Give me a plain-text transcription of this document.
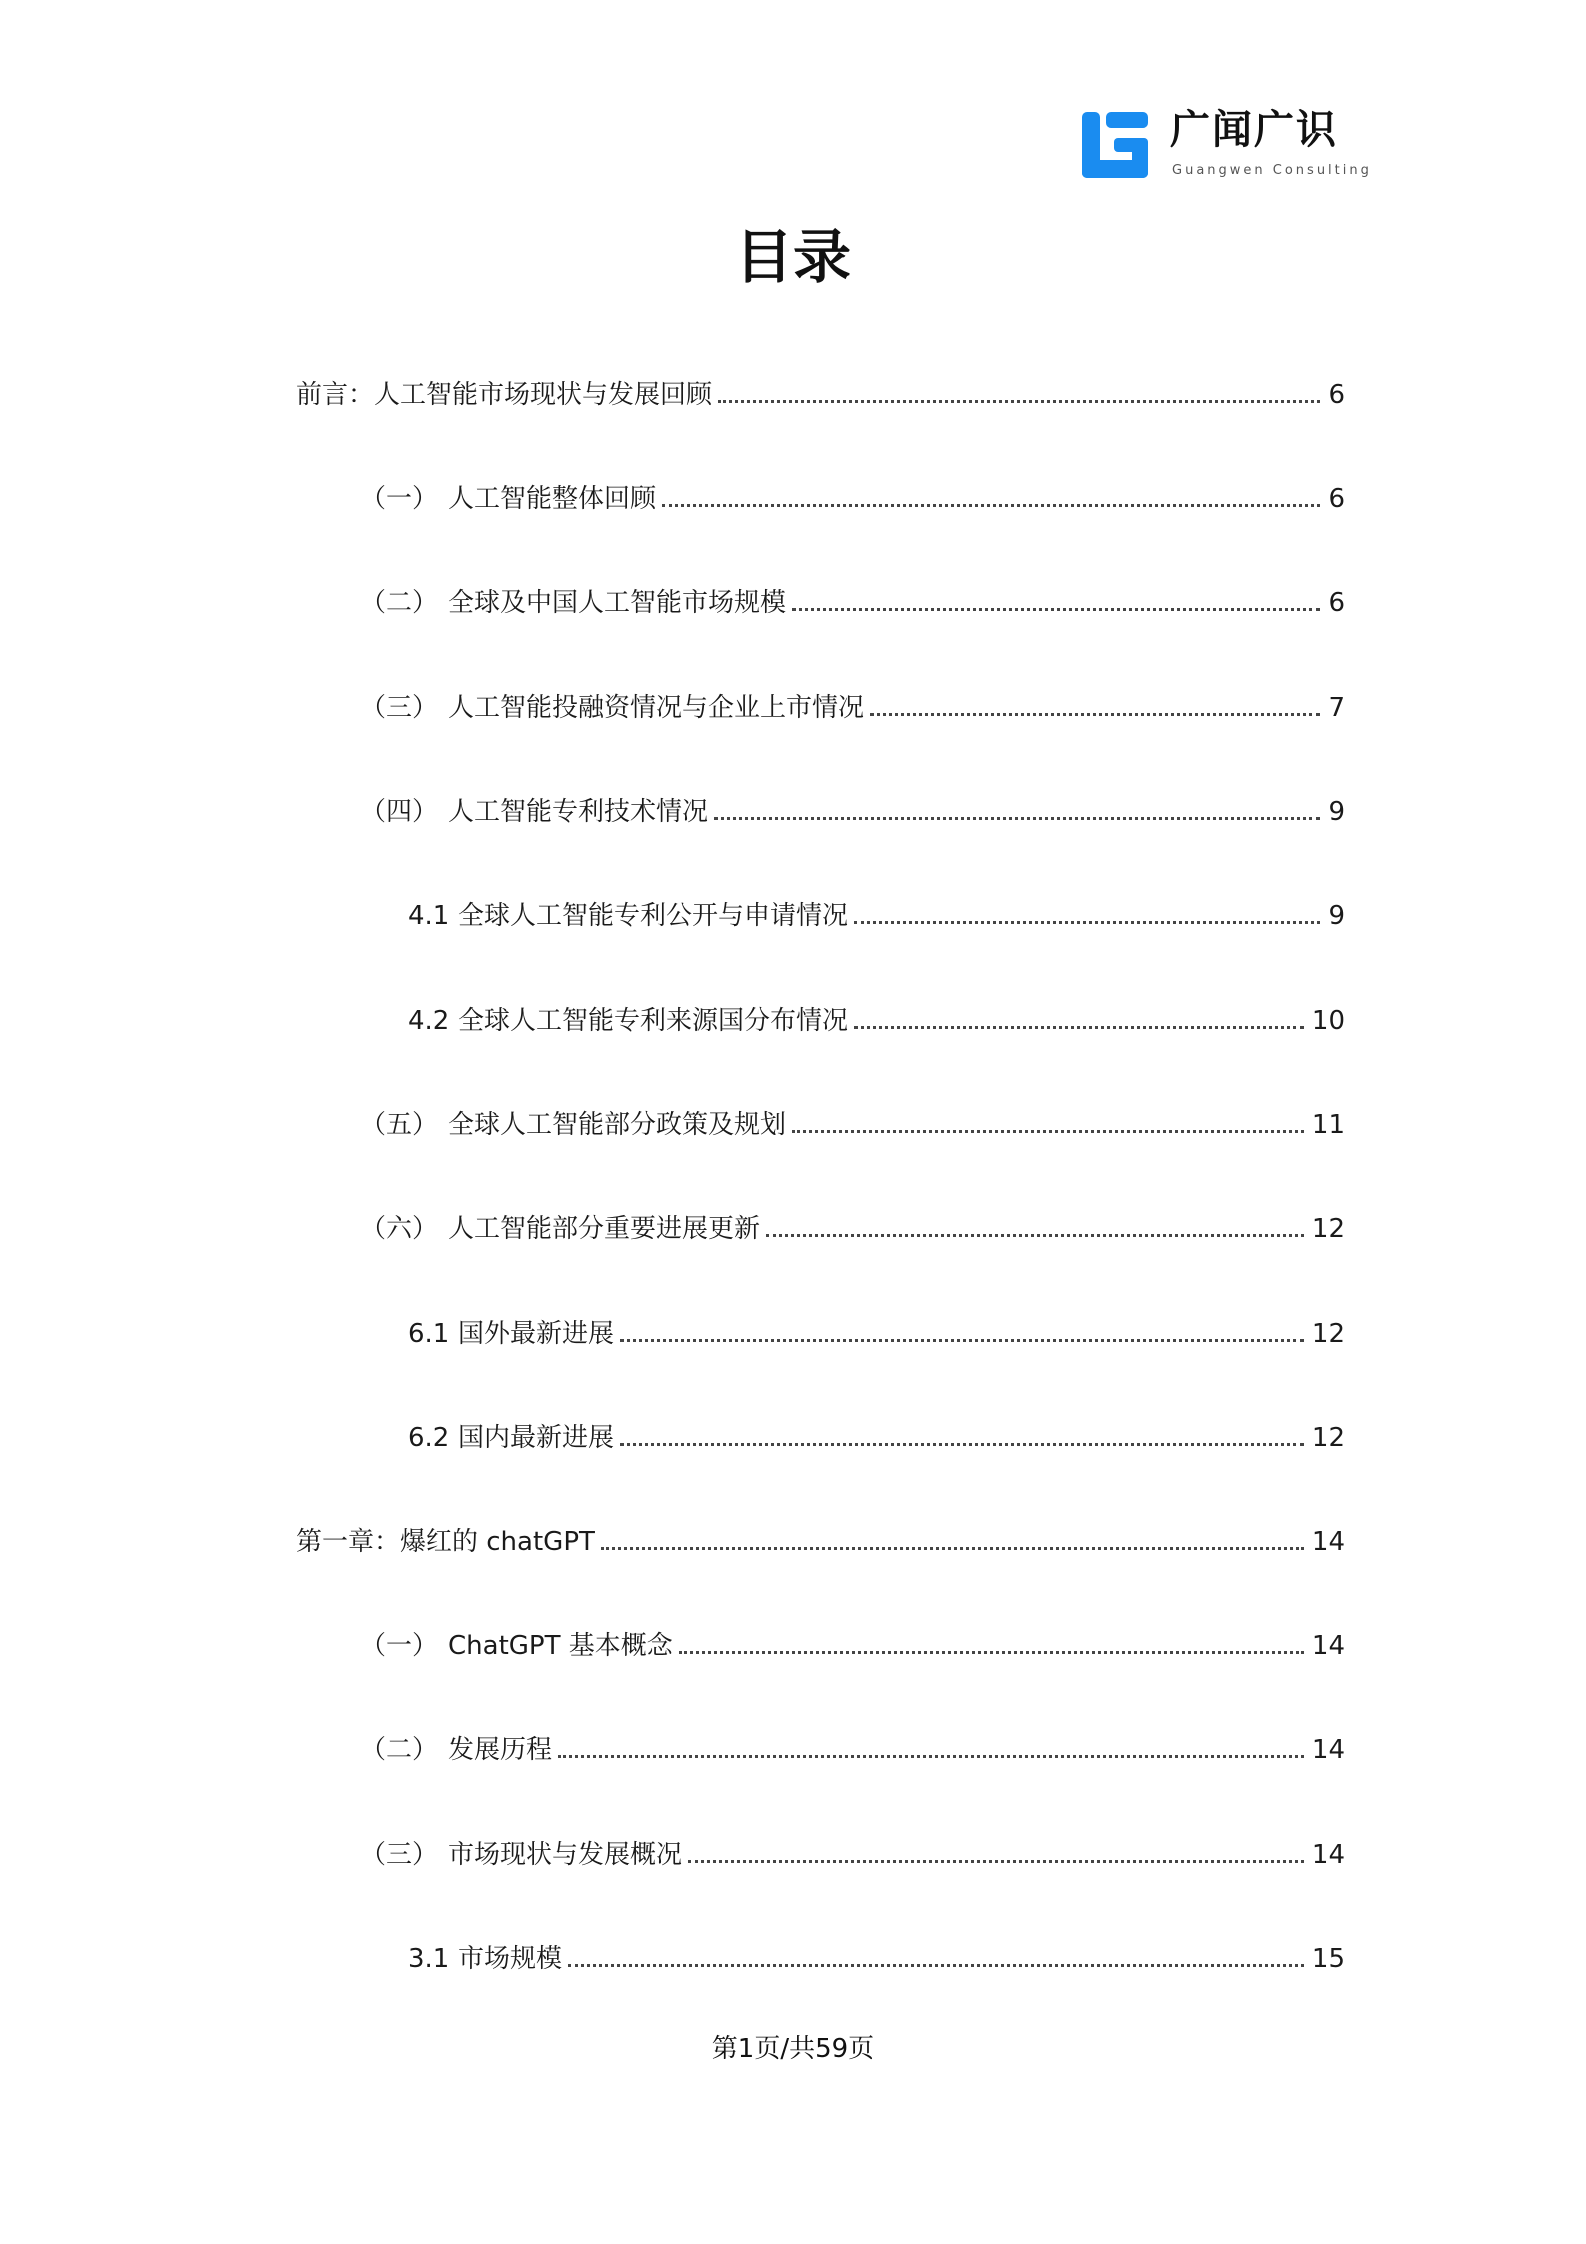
广闻广识
Guangwen Consulting
目录
前言：人工智能市场现状与发展回顾	6
（一） 人工智能整体回顾	6
（二） 全球及中国人工智能市场规模	6
（三） 人工智能投融资情况与企业上市情况	7
（四） 人工智能专利技术情况	9
4.1 全球人工智能专利公开与申请情况	9
4.2 全球人工智能专利来源国分布情况	10
（五） 全球人工智能部分政策及规划	11
（六） 人工智能部分重要进展更新	12
6.1 国外最新进展	12
6.2 国内最新进展	12
第一章：爆红的 chatGPT	14
（一） ChatGPT 基本概念	14
（二） 发展历程	14
（三） 市场现状与发展概况	14
3.1 市场规模	15
第1页/共59页
